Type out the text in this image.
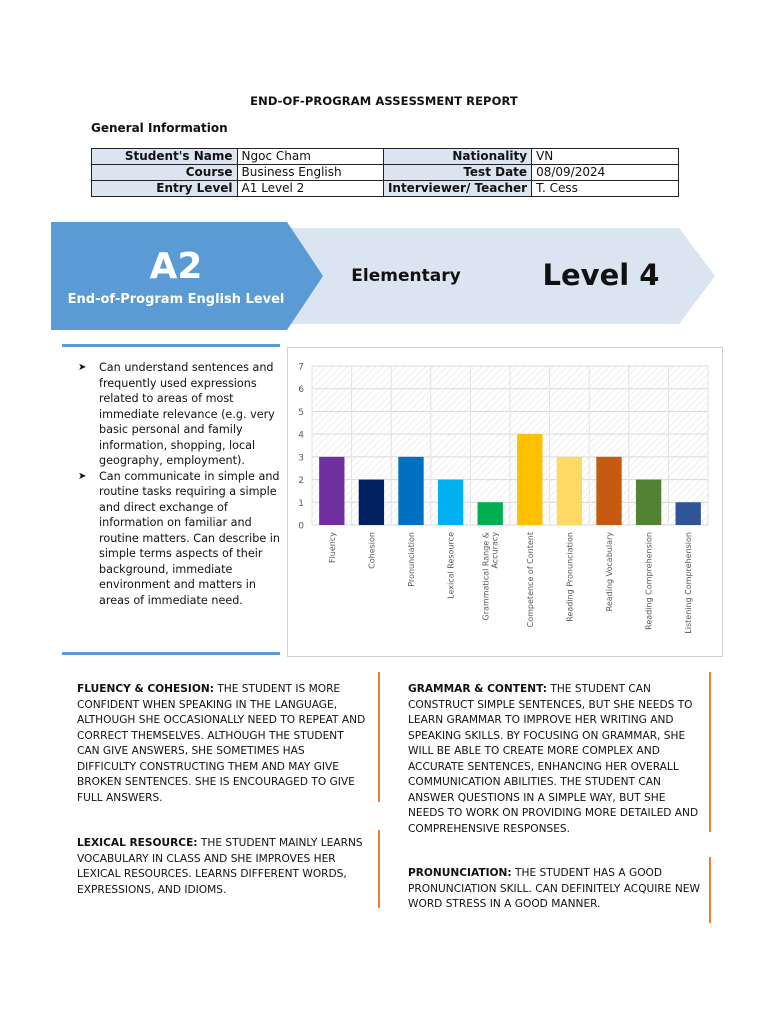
END-OF-PROGRAM ASSESSMENT REPORT
General Information
Student's Name	Ngoc Cham	Nationality	VN
Course	Business English	Test Date	08/09/2024
Entry Level	A1 Level 2	Interviewer/ Teacher	T. Cess
A2
End-of-Program English Level
Elementary	Level 4
➤ Can understand sentences and frequently used expressions related to areas of most immediate relevance (e.g. very basic personal and family information, shopping, local geography, employment).
➤ Can communicate in simple and routine tasks requiring a simple and direct exchange of information on familiar and routine matters. Can describe in simple terms aspects of their background, immediate environment and matters in areas of immediate need.
0
1
2
3
4
5
6
7
Fluency	Cohesion	Pronunciation	Lexical Resource	Grammatical Range & Accuracy	Competence of Content	Reading Pronunciation	Reading Vocabulary	Reading Comprehension	Listening Comprehension
FLUENCY & COHESION: THE STUDENT IS MORE CONFIDENT WHEN SPEAKING IN THE LANGUAGE, ALTHOUGH SHE OCCASIONALLY NEED TO REPEAT AND CORRECT THEMSELVES. ALTHOUGH THE STUDENT CAN GIVE ANSWERS, SHE SOMETIMES HAS DIFFICULTY CONSTRUCTING THEM AND MAY GIVE BROKEN SENTENCES. SHE IS ENCOURAGED TO GIVE FULL ANSWERS.
LEXICAL RESOURCE: THE STUDENT MAINLY LEARNS VOCABULARY IN CLASS AND SHE IMPROVES HER LEXICAL RESOURCES. LEARNS DIFFERENT WORDS, EXPRESSIONS, AND IDIOMS.
GRAMMAR & CONTENT: THE STUDENT CAN CONSTRUCT SIMPLE SENTENCES, BUT SHE NEEDS TO LEARN GRAMMAR TO IMPROVE HER WRITING AND SPEAKING SKILLS. BY FOCUSING ON GRAMMAR, SHE WILL BE ABLE TO CREATE MORE COMPLEX AND ACCURATE SENTENCES, ENHANCING HER OVERALL COMMUNICATION ABILITIES. THE STUDENT CAN ANSWER QUESTIONS IN A SIMPLE WAY, BUT SHE NEEDS TO WORK ON PROVIDING MORE DETAILED AND COMPREHENSIVE RESPONSES.
PRONUNCIATION: THE STUDENT HAS A GOOD PRONUNCIATION SKILL. CAN DEFINITELY ACQUIRE NEW WORD STRESS IN A GOOD MANNER.
